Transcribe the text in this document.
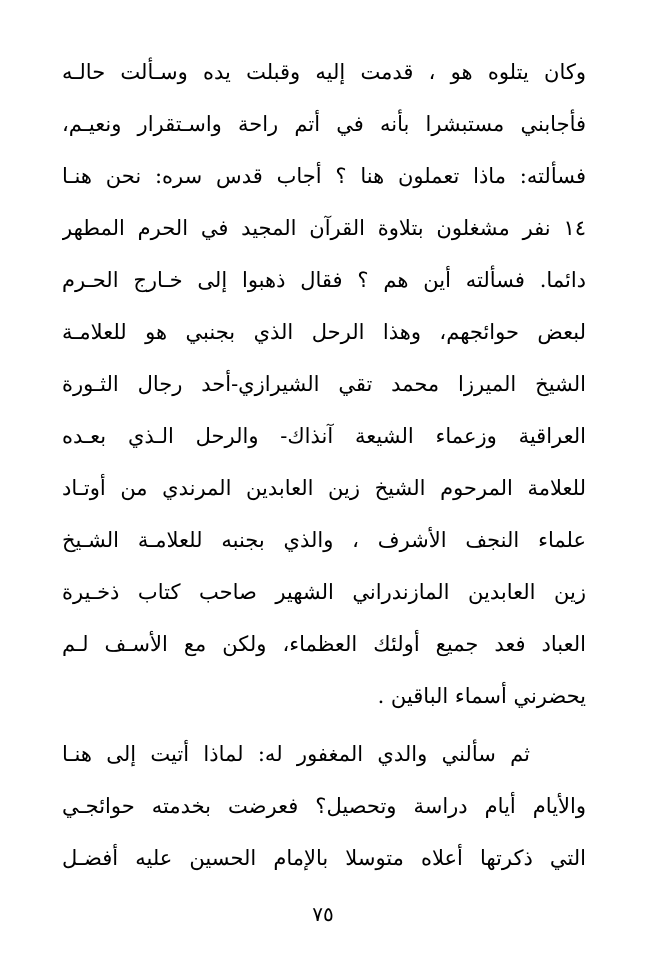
وكان يتلوه هو ، قدمت إليه وقبلت يده وسـألت حالـه
فأجابني مستبشرا بأنه في أتم راحة واسـتقرار ونعيـم،
فسألته: ماذا تعملون هنا ؟ أجاب قدس سره: نحن هنـا
١٤ نفر مشغلون بتلاوة القرآن المجيد في الحرم المطهر
دائما. فسألته أين هم ؟ فقال ذهبوا إلى خـارج الحـرم
لبعض حوائجهم، وهذا الرحل الذي بجنبي هو للعلامـة
الشيخ الميرزا محمد تقي الشيرازي-أحد رجال الثـورة
العراقية وزعماء الشيعة آنذاك- والرحل الـذي بعـده
للعلامة المرحوم الشيخ زين العابدين المرندي من أوتـاد
علماء النجف الأشرف ، والذي بجنبه للعلامـة الشـيخ
زين العابدين المازندراني الشهير صاحب كتاب ذخـيرة
العباد فعد جميع أولئك العظماء، ولكن مع الأسـف لـم
يحضرني أسماء الباقين .
ثم سألني والدي المغفور له: لماذا أتيت إلى هنـا
والأيام أيام دراسة وتحصيل؟ فعرضت بخدمته حوائجـي
التي ذكرتها أعلاه متوسلا بالإمام الحسين عليه أفضـل
٧٥
